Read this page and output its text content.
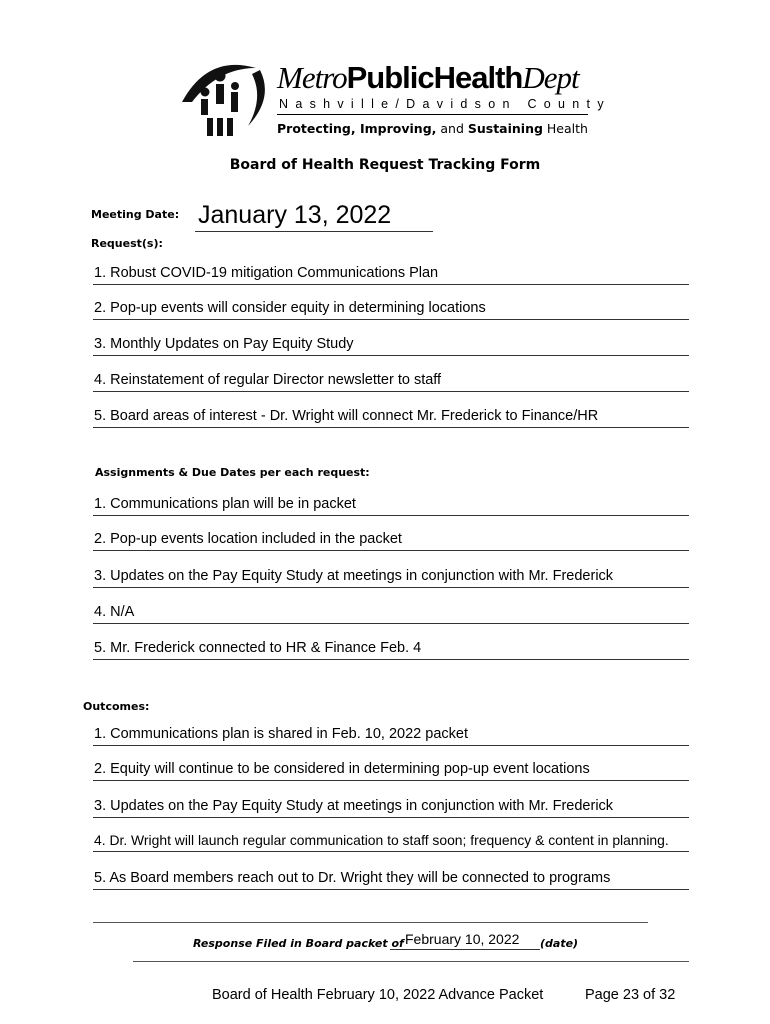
MetroPublicHealthDept
Nashville/Davidson County
Protecting, Improving, and Sustaining Health
Board of Health Request Tracking Form
Meeting Date: January 13, 2022
Request(s):
1. Robust COVID-19 mitigation Communications Plan
2. Pop-up events will consider equity in determining locations
3. Monthly Updates on Pay Equity Study
4. Reinstatement of regular Director newsletter to staff
5. Board areas of interest - Dr. Wright will connect Mr. Frederick to Finance/HR
Assignments & Due Dates per each request:
1. Communications plan will be in packet
2. Pop-up events location included in the packet
3. Updates on the Pay Equity Study at meetings in conjunction with Mr. Frederick
4. N/A
5. Mr. Frederick connected to HR & Finance Feb. 4
Outcomes:
1. Communications plan is shared in Feb. 10, 2022 packet
2. Equity will continue to be considered in determining pop-up event locations
3. Updates on the Pay Equity Study at meetings in conjunction with Mr. Frederick
4. Dr. Wright will launch regular communication to staff soon; frequency & content in planning.
5. As Board members reach out to Dr. Wright they will be connected to programs
Response Filed in Board packet of February 10, 2022 (date)
Board of Health February 10, 2022 Advance Packet	Page 23 of 32
